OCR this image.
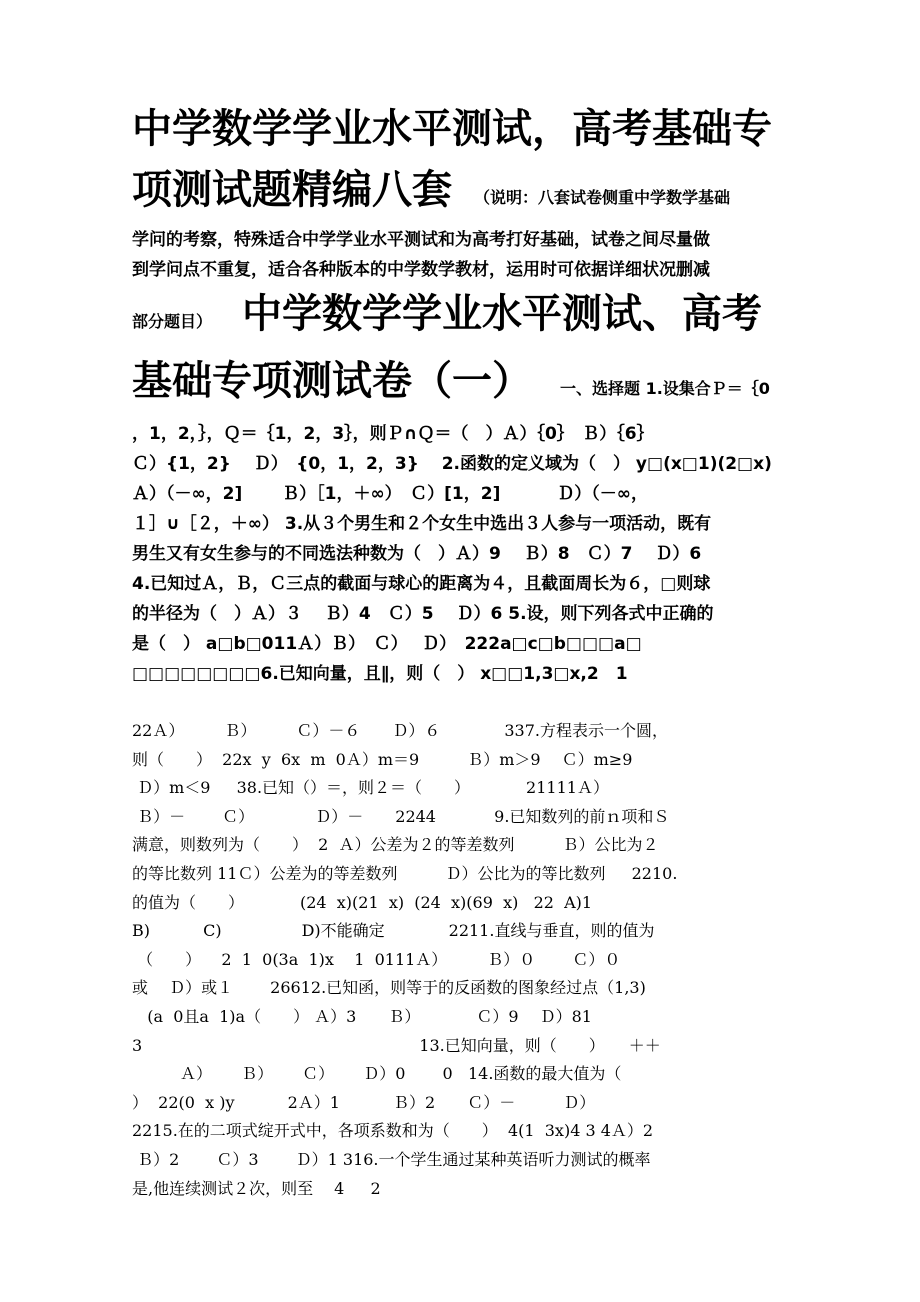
中学数学学业水平测试，高考基础专

项测试题精编八套 （说明：八套试卷侧重中学数学基础

学问的考察，特殊适合中学学业水平测试和为高考打好基础，试卷之间尽量做

到学问点不重复，适合各种版本的中学数学教材，运用时可依据详细状况删减

部分题目） 中学数学学业水平测试、高考

基础专项测试卷（一） 一、选择题 1.设集合Ｐ＝｛0

，1，2，｝，Ｑ＝｛1，2，3｝，则Ｐ∩Ｑ＝（　）Ａ）｛0｝　Ｂ）｛6｝

Ｃ）{1，2}　 Ｄ）　{0，1，2，3}　 2.函数的定义域为（　） y□(x□1)(2□x)

Ａ）（－∞，2]　　 Ｂ）［1，＋∞）　Ｃ）[1，2]　　　 Ｄ）（－∞，

１］∪［２，＋∞） 3.从３个男生和２个女生中选出３人参与一项活动，既有

男生又有女生参与的不同选法种数为（　）Ａ）9　 Ｂ）8　Ｃ）7　 Ｄ）6

4.已知过Ａ，Ｂ，Ｃ三点的截面与球心的距离为４，且截面周长为６，□则球

的半径为（　）Ａ）３　 Ｂ）4　Ｃ）5　 Ｄ）6 5.设，则下列各式中正确的

是（　） a□b□011Ａ）Ｂ）　Ｃ）　 Ｄ）　222a□c□b□□□a□

□□□□□□□□6.已知向量，且∥，则（　） x□□1,3□x,2　1

22Ａ）　　　Ｂ）　　　Ｃ）－６　　Ｄ）６　　　　337.方程表示一个圆，

则（　　）  22x  y  6x  m  0Ａ）m＝9　　　Ｂ）m＞9　 Ｃ）m≥9

Ｄ）m＜9　  38.已知（）＝，则２＝（　　）　　　　21111Ａ）

Ｂ）－　　 Ｃ）　　　　 Ｄ）－　　2244　　　  9.已知数列的前ｎ项和Ｓ

满意，则数列为（　　）  2  Ａ）公差为２的等差数列　　　Ｂ）公比为２

的等比数列 11Ｃ）公差为的等差数列　　　Ｄ）公比为的等比数列　  2210.

的值为（　　）　　　　(24  x)(21  x)  (24  x)(69  x)   22  A)1

B)　　　 C)　　　　　D)不能确定　　　　2211.直线与垂直，则的值为

（　　）    2  1  0(3a  1)x    1  0111Ａ）　　　Ｂ）０　　 Ｃ）０

或　 Ｄ）或１　　 26612.已知函，则等于的反函数的图象经过点（1,3)

(a  0且a  1)a（　　） Ａ）3　　Ｂ）　　　　Ｃ）9　 Ｄ）81

3　　　　　　　　　　　　　　　　　 13.已知向量，则（　　）　　＋＋

　　　Ａ）　　 Ｂ）　　 Ｃ）　　 Ｄ）0　　 0   14.函数的最大值为（

）  22(0  x )y　　　 2Ａ）1　　　 Ｂ）2　　Ｃ）－　　　Ｄ）

2215.在的二项式绽开式中，各项系数和为（　　）  4(1  3x)4 3 4Ａ）2

Ｂ）2　　 Ｃ）3　　 Ｄ）1 316.一个学生通过某种英语听力测试的概率

是,他连续测试２次，则至　 4　  2
